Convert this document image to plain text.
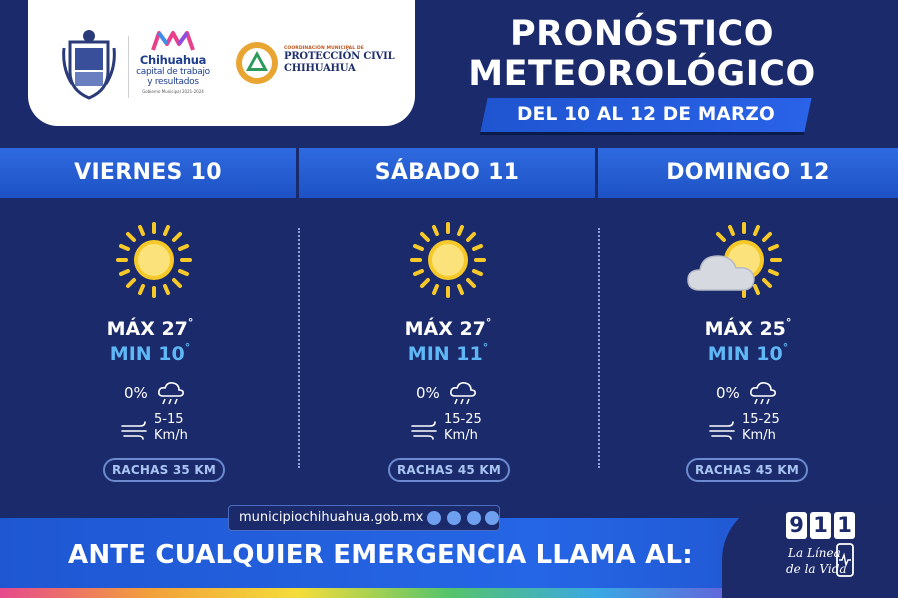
Chihuahua
capital de trabajo
y resultados
Gobierno Municipal 2021-2024
COORDINACIÓN MUNICIPAL DE
PROTECCIÓN CIVIL
CHIHUAHUA
PRONÓSTICO
METEOROLÓGICO
DEL 10 AL 12 DE MARZO
VIERNES 10	SÁBADO 11	DOMINGO 12
MÁX 27°
MIN 10°
0%
5-15
Km/h
RACHAS 35 KM
MÁX 27°
MIN 11°
0%
15-25
Km/h
RACHAS 45 KM
MÁX 25°
MIN 10°
0%
15-25
Km/h
RACHAS 45 KM
municipiochihuahua.gob.mx
ANTE CUALQUIER EMERGENCIA LLAMA AL:
9 1 1
La Línea
de la Vida
